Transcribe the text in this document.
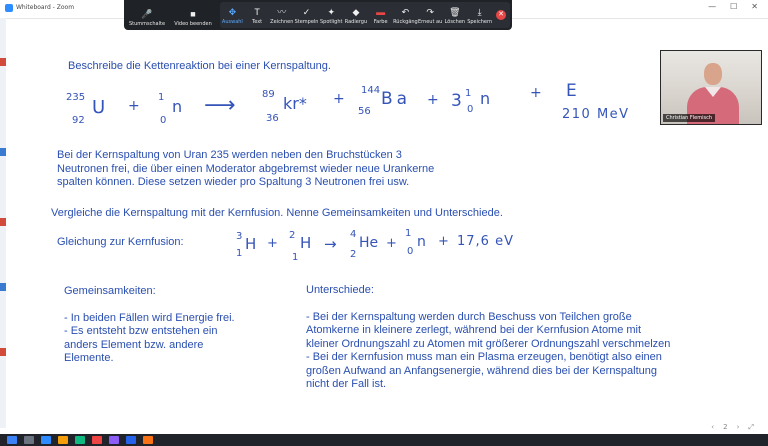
Whiteboard - Zoom	— ☐ ✕
🎤
Stummschalte
■
Video beenden
✥
Auswahl
T
Text
〰
Zeichnen
✓
Stempeln
✦
Spotlight
◆
Radiergu
▬
Farbe
↶
Rückgäng
↷
Erneut au
🗑
Löschen
⤓
Speichern
✕
Christian Flemisch
Beschreibe die Kettenreaktion bei einer Kernspaltung.
235
92
U +
1
0
n ⟶	89
36
kr* +
144
56
Ba + 3 1
0
n	+ E
210 MeV
3
1
H +
2
1
H →
4
2
He +
1
0
n + 17,6 eV
Bei der Kernspaltung von Uran 235 werden neben den Bruchstücken 3
Neutronen frei, die über einen Moderator abgebremst wieder neue Urankerne
spalten können. Diese setzen wieder pro Spaltung 3 Neutronen frei usw.
Vergleiche die Kernspaltung mit der Kernfusion. Nenne Gemeinsamkeiten und Unterschiede.
Gleichung zur Kernfusion:
Gemeinsamkeiten:
- In beiden Fällen wird Energie frei.
- Es entsteht bzw entstehen ein
anders Element bzw. andere
Elemente.
Unterschiede:
- Bei der Kernspaltung werden durch Beschuss von Teilchen große
Atomkerne in kleinere zerlegt, während bei der Kernfusion Atome mit
kleiner Ordnungszahl zu Atomen mit größerer Ordnungszahl verschmelzen
- Bei der Kernfusion muss man ein Plasma erzeugen, benötigt also einen
großen Aufwand an Anfangsenergie, während dies bei der Kernspaltung
nicht der Fall ist.
‹ 2 › ⤢
